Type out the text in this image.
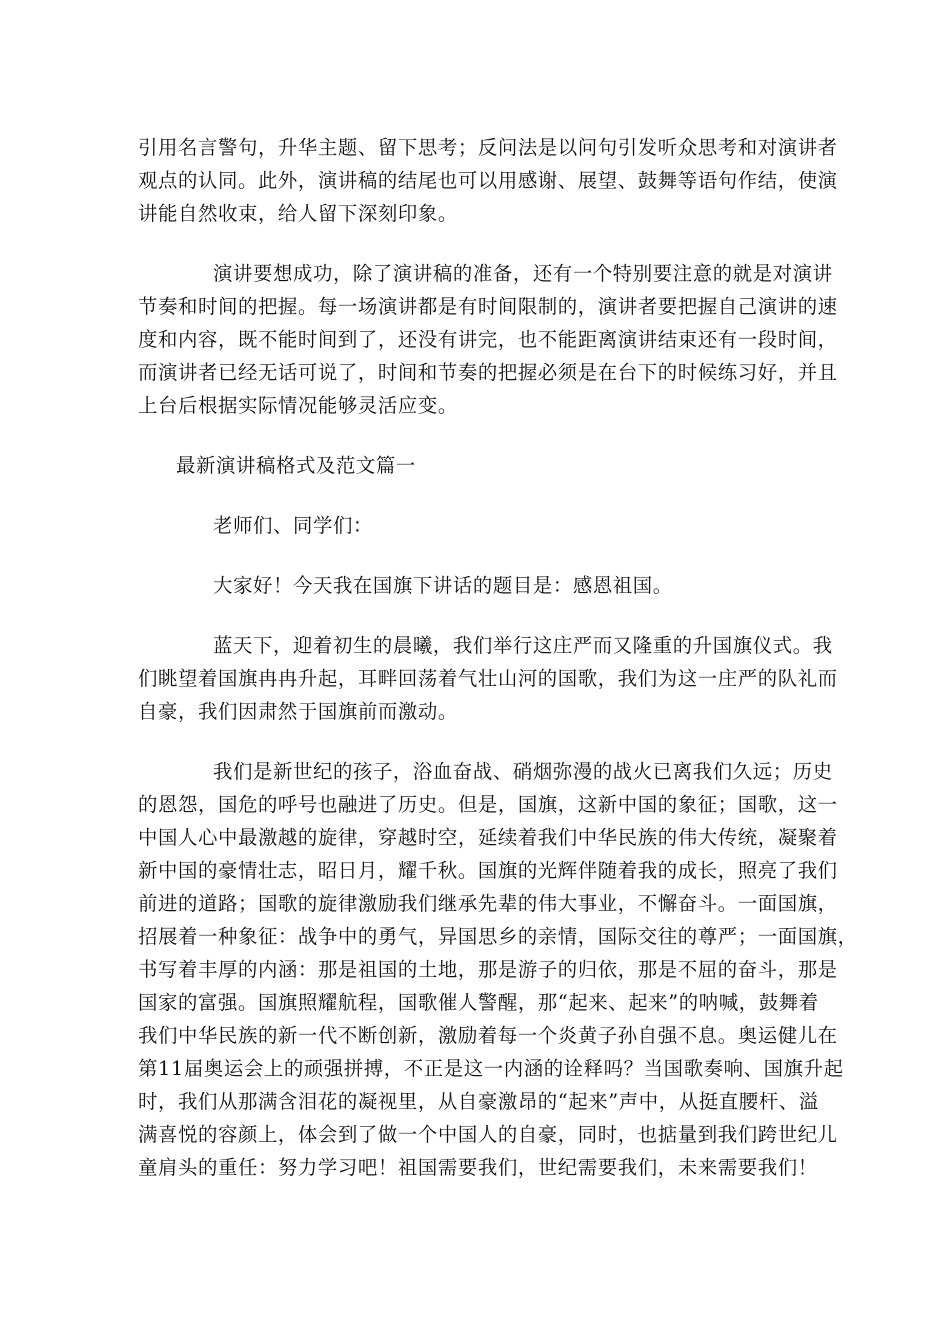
引用名言警句，升华主题、留下思考；反问法是以问句引发听众思考和对演讲者
观点的认同。此外，演讲稿的结尾也可以用感谢、展望、鼓舞等语句作结，使演
讲能自然收束，给人留下深刻印象。
演讲要想成功，除了演讲稿的准备，还有一个特别要注意的就是对演讲
节奏和时间的把握。每一场演讲都是有时间限制的，演讲者要把握自己演讲的速
度和内容，既不能时间到了，还没有讲完，也不能距离演讲结束还有一段时间，
而演讲者已经无话可说了，时间和节奏的把握必须是在台下的时候练习好，并且
上台后根据实际情况能够灵活应变。
最新演讲稿格式及范文篇一
老师们、同学们：
大家好！今天我在国旗下讲话的题目是：感恩祖国。
蓝天下，迎着初生的晨曦，我们举行这庄严而又隆重的升国旗仪式。我
们眺望着国旗冉冉升起，耳畔回荡着气壮山河的国歌，我们为这一庄严的队礼而
自豪，我们因肃然于国旗前而激动。
我们是新世纪的孩子，浴血奋战、硝烟弥漫的战火已离我们久远；历史
的恩怨，国危的呼号也融进了历史。但是，国旗，这新中国的象征；国歌，这一
中国人心中最激越的旋律，穿越时空，延续着我们中华民族的伟大传统，凝聚着
新中国的豪情壮志，昭日月，耀千秋。国旗的光辉伴随着我的成长，照亮了我们
前进的道路；国歌的旋律激励我们继承先辈的伟大事业，不懈奋斗。一面国旗，
招展着一种象征：战争中的勇气，异国思乡的亲情，国际交往的尊严；一面国旗，
书写着丰厚的内涵：那是祖国的土地，那是游子的归依，那是不屈的奋斗，那是
国家的富强。国旗照耀航程，国歌催人警醒，那“起来、起来”的呐喊，鼓舞着
我们中华民族的新一代不断创新，激励着每一个炎黄子孙自强不息。奥运健儿在
第11届奥运会上的顽强拼搏，不正是这一内涵的诠释吗？当国歌奏响、国旗升起
时，我们从那满含泪花的凝视里，从自豪激昂的“起来”声中，从挺直腰杆、溢
满喜悦的容颜上，体会到了做一个中国人的自豪，同时，也掂量到我们跨世纪儿
童肩头的重任：努力学习吧！祖国需要我们，世纪需要我们，未来需要我们！
